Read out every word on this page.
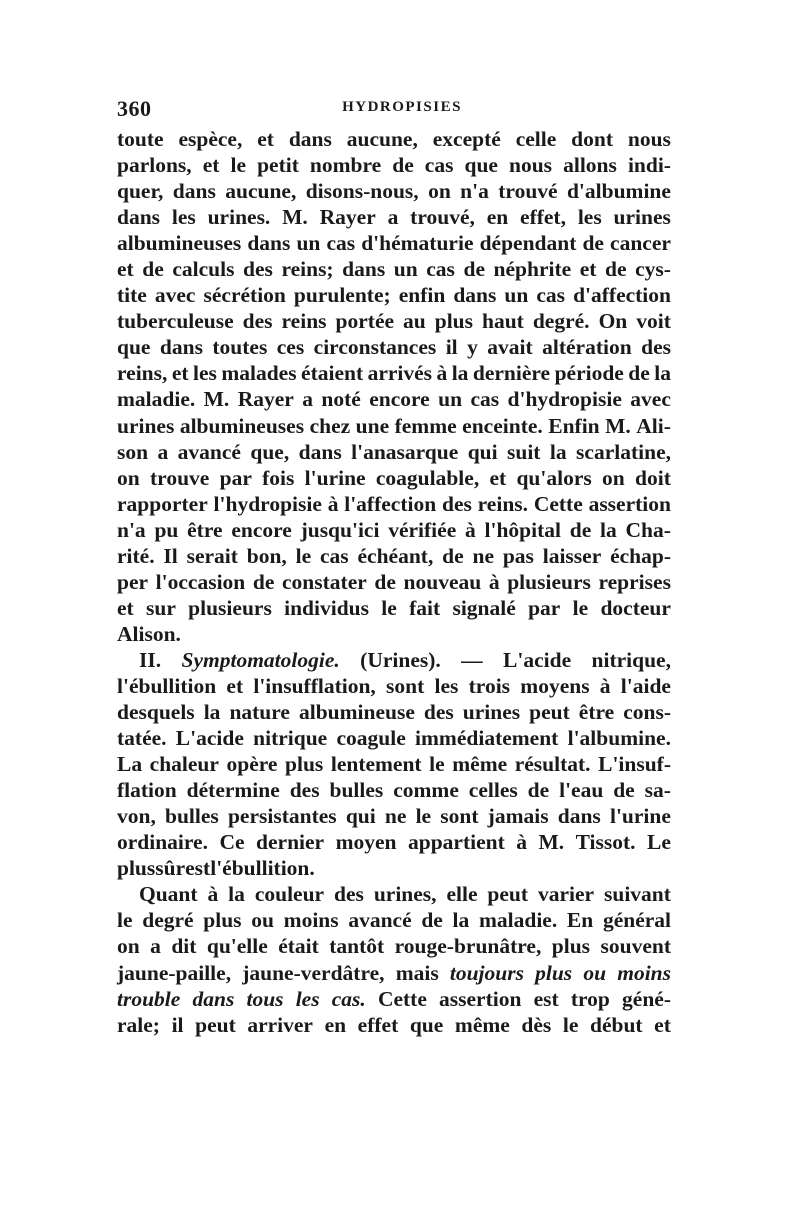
360	HYDROPISIES
toute espèce, et dans aucune, excepté celle dont nous
parlons, et le petit nombre de cas que nous allons indi-
quer, dans aucune, disons-nous, on n'a trouvé d'albumine
dans les urines. M. Rayer a trouvé, en effet, les urines
albumineuses dans un cas d'hématurie dépendant de cancer
et de calculs des reins; dans un cas de néphrite et de cys-
tite avec sécrétion purulente; enfin dans un cas d'affection
tuberculeuse des reins portée au plus haut degré. On voit
que dans toutes ces circonstances il y avait altération des
reins, et les malades étaient arrivés à la dernière période de la
maladie. M. Rayer a noté encore un cas d'hydropisie avec
urines albumineuses chez une femme enceinte. Enfin M. Ali-
son a avancé que, dans l'anasarque qui suit la scarlatine,
on trouve par fois l'urine coagulable, et qu'alors on doit
rapporter l'hydropisie à l'affection des reins. Cette assertion
n'a pu être encore jusqu'ici vérifiée à l'hôpital de la Cha-
rité. Il serait bon, le cas échéant, de ne pas laisser échap-
per l'occasion de constater de nouveau à plusieurs reprises
et sur plusieurs individus le fait signalé par le docteur
Alison.
II. Symptomatologie. (Urines). — L'acide nitrique,
l'ébullition et l'insufflation, sont les trois moyens à l'aide
desquels la nature albumineuse des urines peut être cons-
tatée. L'acide nitrique coagule immédiatement l'albumine.
La chaleur opère plus lentement le même résultat. L'insuf-
flation détermine des bulles comme celles de l'eau de sa-
von, bulles persistantes qui ne le sont jamais dans l'urine
ordinaire. Ce dernier moyen appartient à M. Tissot. Le
plus sûr est l'ébullition.
Quant à la couleur des urines, elle peut varier suivant
le degré plus ou moins avancé de la maladie. En général
on a dit qu'elle était tantôt rouge-brunâtre, plus souvent
jaune-paille, jaune-verdâtre, mais toujours plus ou moins
trouble dans tous les cas. Cette assertion est trop géné-
rale; il peut arriver en effet que même dès le début et
